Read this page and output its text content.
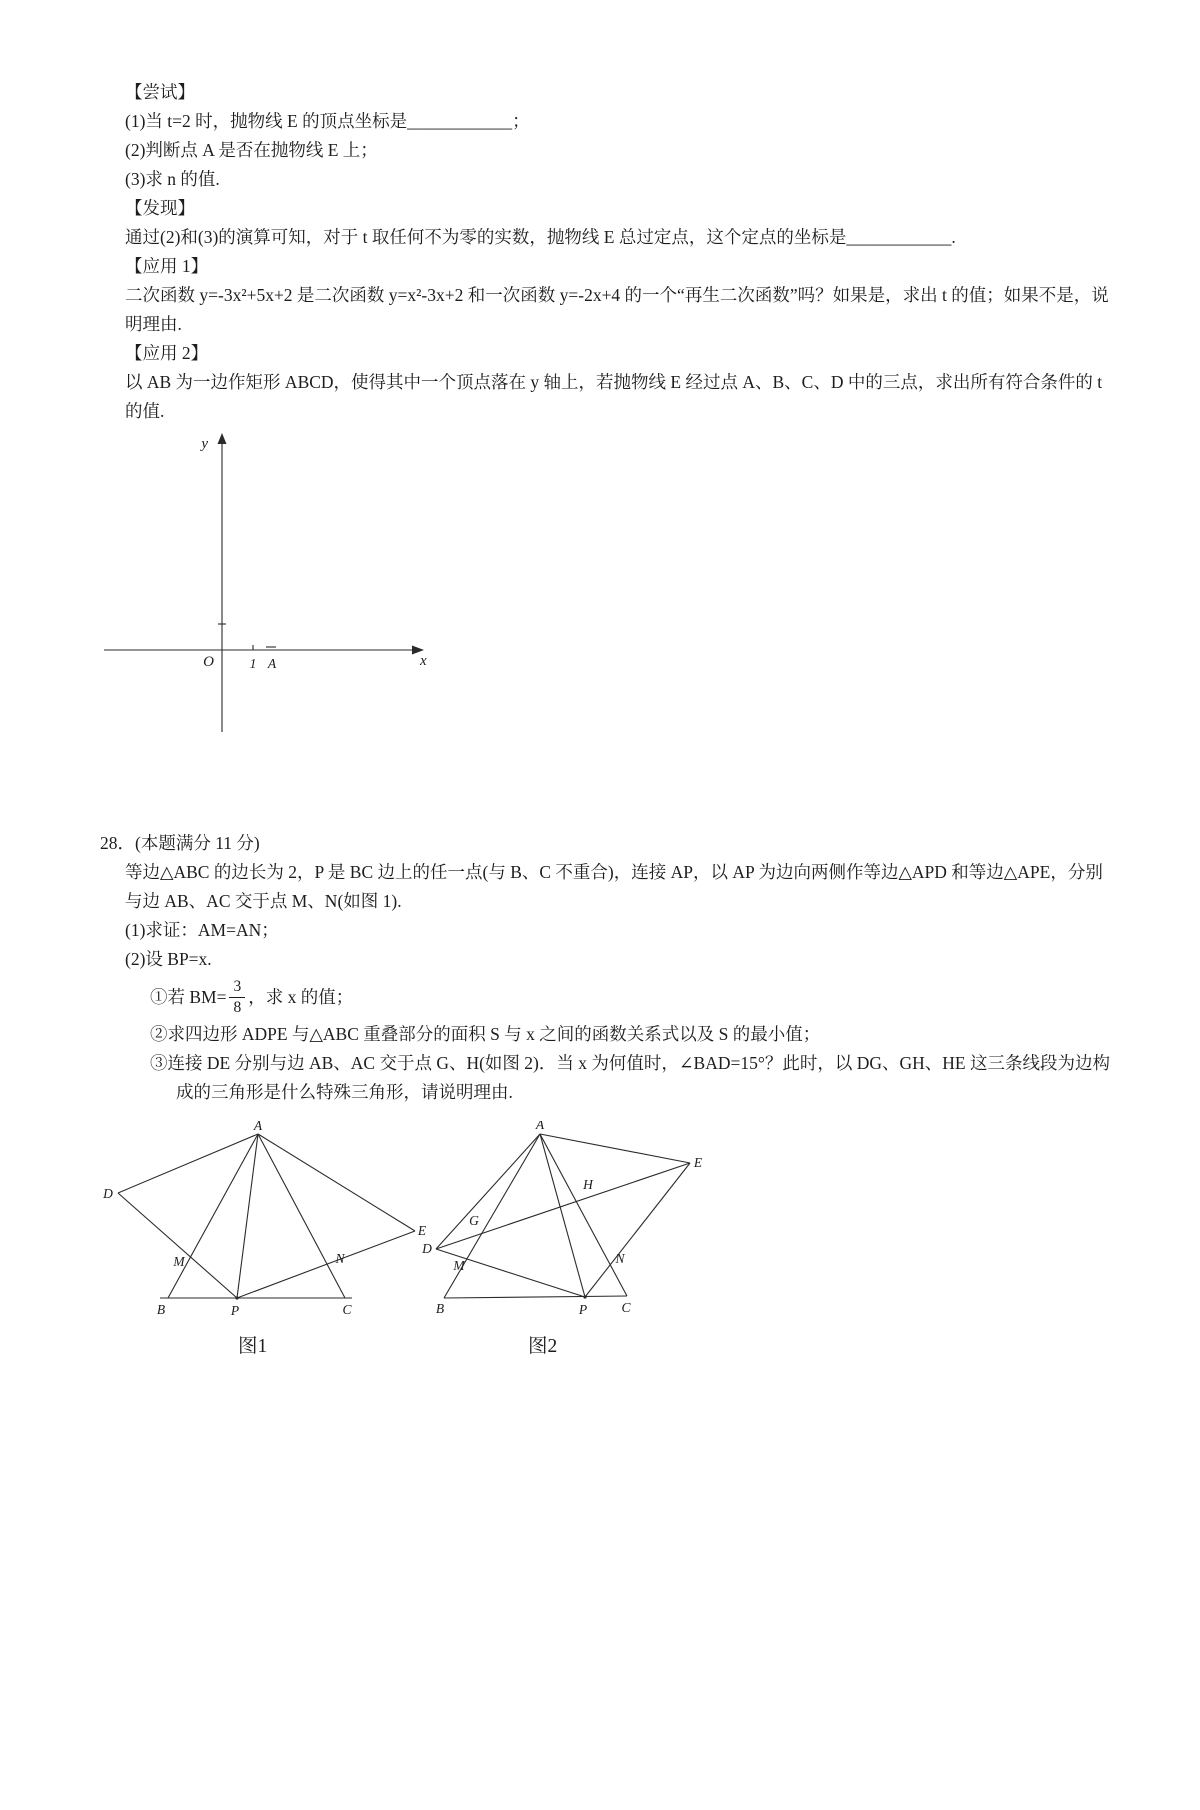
【尝试】
(1)当 t=2 时，抛物线 E 的顶点坐标是____________；
(2)判断点 A 是否在抛物线 E 上；
(3)求 n 的值.
【发现】
通过(2)和(3)的演算可知，对于 t 取任何不为零的实数，抛物线 E 总过定点，这个定点的坐标是____________.
【应用 1】
二次函数 y=-3x²+5x+2 是二次函数 y=x²-3x+2 和一次函数 y=-2x+4 的一个“再生二次函数”吗？如果是，求出 t 的值；如果不是，说明理由.
【应用 2】
以 AB 为一边作矩形 ABCD，使得其中一个顶点落在 y 轴上，若抛物线 E 经过点 A、B、C、D 中的三点，求出所有符合条件的 t 的值.
y
x
O	1 A
28．(本题满分 11 分)
等边△ABC 的边长为 2，P 是 BC 边上的任一点(与 B、C 不重合)，连接 AP，以 AP 为边向两侧作等边△APD 和等边△APE，分别与边 AB、AC 交于点 M、N(如图 1).
(1)求证：AM=AN；
(2)设 BP=x.
①若 $BM= \frac{3}{8}$ ，求 x 的值；
②求四边形 ADPE 与△ABC 重叠部分的面积 S 与 x 之间的函数关系式以及 S 的最小值；
③连接 DE 分别与边 AB、AC 交于点 G、H(如图 2)．当 x 为何值时，∠BAD=15°？此时，以 DG、GH、HE 这三条线段为边构成的三角形是什么特殊三角形，请说明理由.
A
D
E
M	N
B	P	C
A
E
H
G
D
M	N
B	P	C
图1	图2
